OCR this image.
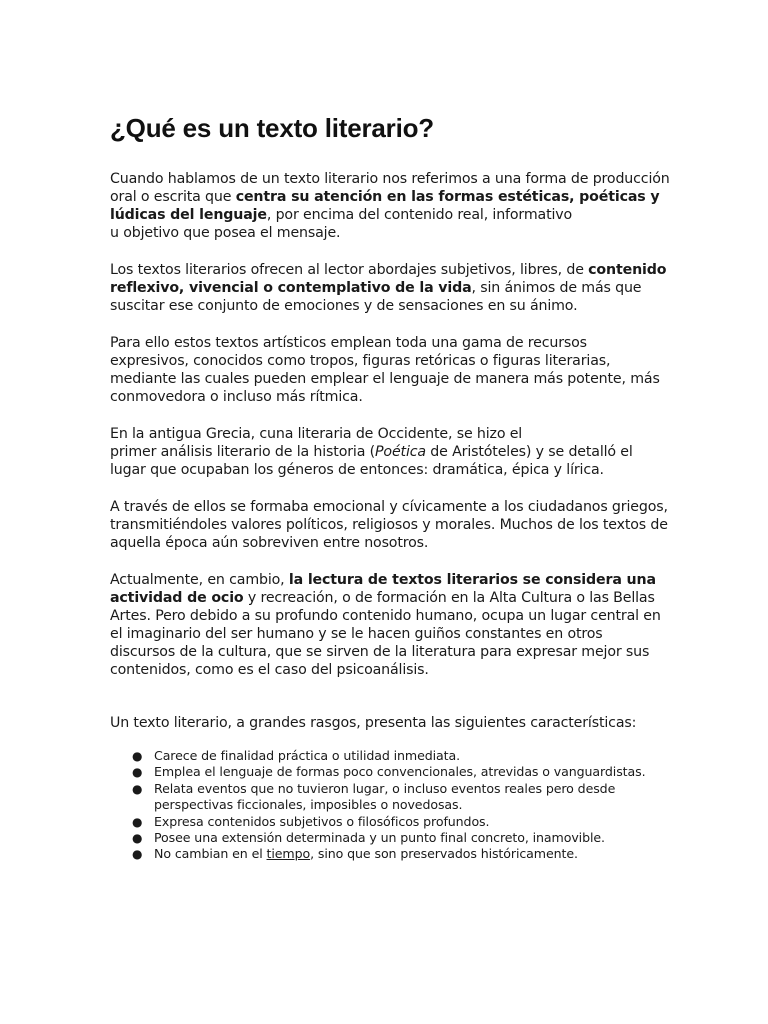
¿Qué es un texto literario?

Cuando hablamos de un texto literario nos referimos a una forma de producción oral o escrita que centra su atención en las formas estéticas, poéticas y lúdicas del lenguaje, por encima del contenido real, informativo
u objetivo que posea el mensaje.

Los textos literarios ofrecen al lector abordajes subjetivos, libres, de contenido reflexivo, vivencial o contemplativo de la vida, sin ánimos de más que suscitar ese conjunto de emociones y de sensaciones en su ánimo.

Para ello estos textos artísticos emplean toda una gama de recursos expresivos, conocidos como tropos, figuras retóricas o figuras literarias, mediante las cuales pueden emplear el lenguaje de manera más potente, más conmovedora o incluso más rítmica.

En la antigua Grecia, cuna literaria de Occidente, se hizo el
primer análisis literario de la historia (Poética de Aristóteles) y se detalló el lugar que ocupaban los géneros de entonces: dramática, épica y lírica.

A través de ellos se formaba emocional y cívicamente a los ciudadanos griegos, transmitiéndoles valores políticos, religiosos y morales. Muchos de los textos de aquella época aún sobreviven entre nosotros.

Actualmente, en cambio, la lectura de textos literarios se considera una actividad de ocio y recreación, o de formación en la Alta Cultura o las Bellas Artes. Pero debido a su profundo contenido humano, ocupa un lugar central en el imaginario del ser humano y se le hacen guiños constantes en otros discursos de la cultura, que se sirven de la literatura para expresar mejor sus contenidos, como es el caso del psicoanálisis.

Un texto literario, a grandes rasgos, presenta las siguientes características:

● Carece de finalidad práctica o utilidad inmediata.
● Emplea el lenguaje de formas poco convencionales, atrevidas o vanguardistas.
● Relata eventos que no tuvieron lugar, o incluso eventos reales pero desde perspectivas ficcionales, imposibles o novedosas.
● Expresa contenidos subjetivos o filosóficos profundos.
● Posee una extensión determinada y un punto final concreto, inamovible.
● No cambian en el tiempo, sino que son preservados históricamente.
